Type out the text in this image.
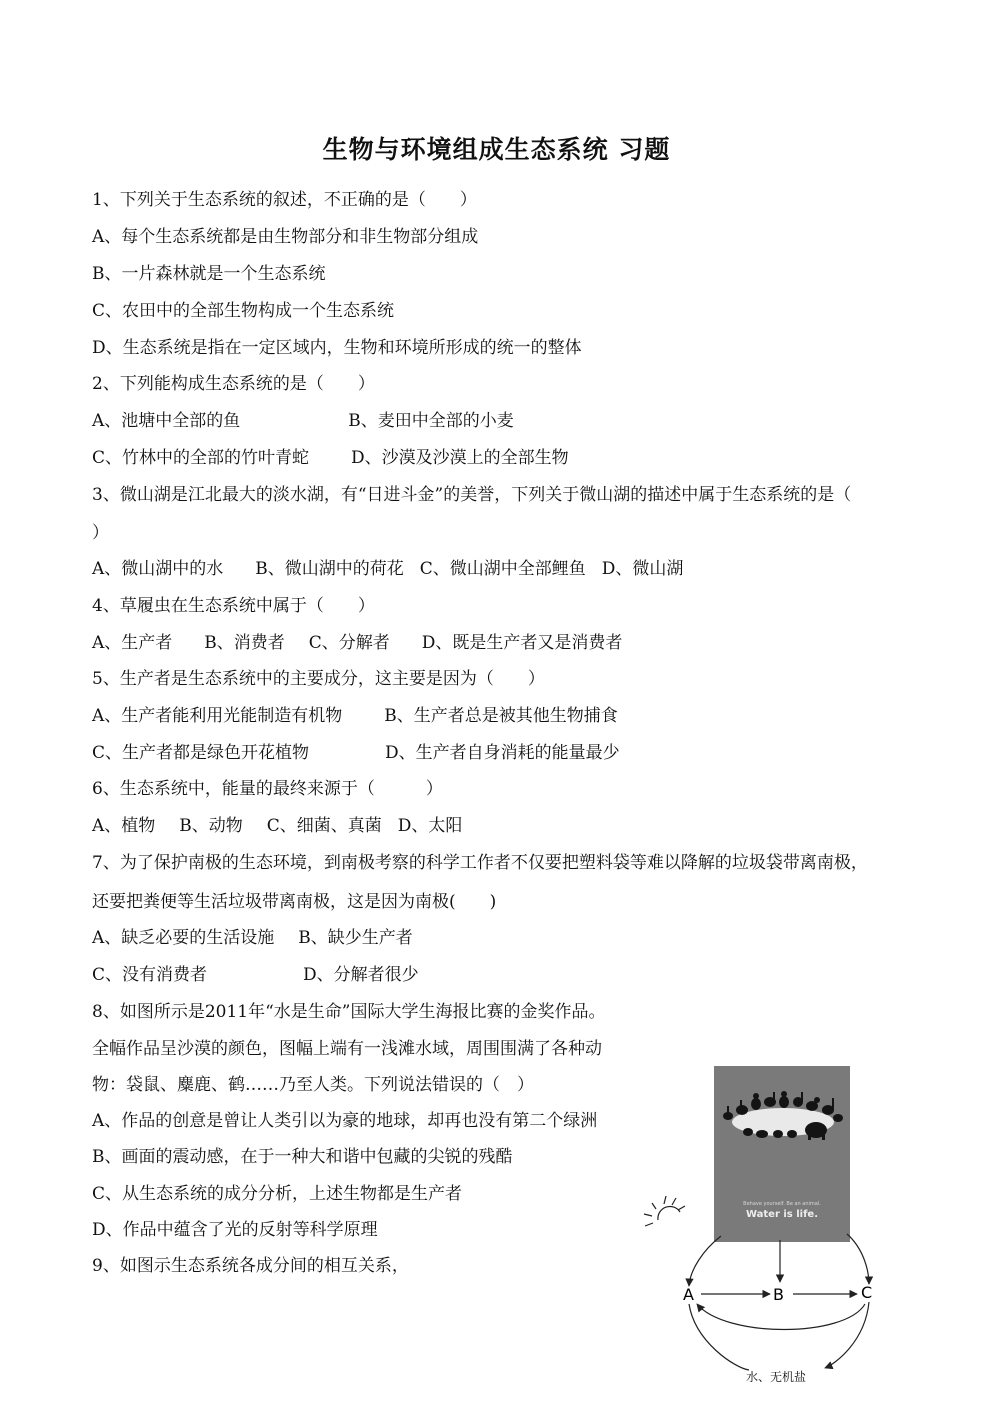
生物与环境组成生态系统 习题
1、下列关于生态系统的叙述，不正确的是（　　）
A、每个生态系统都是由生物部分和非生物部分组成
B、一片森林就是一个生态系统
C、农田中的全部生物构成一个生态系统
D、生态系统是指在一定区域内，生物和环境所形成的统一的整体
2、下列能构成生态系统的是（　　）
A、池塘中全部的鱼	B、麦田中全部的小麦
C、竹林中的全部的竹叶青蛇 D、沙漠及沙漠上的全部生物
3、微山湖是江北最大的淡水湖，有“日进斗金”的美誉，下列关于微山湖的描述中属于生态系统的是（
）
A、微山湖中的水 B、微山湖中的荷花 C、微山湖中全部鲤鱼 D、微山湖
4、草履虫在生态系统中属于（　　）
A、生产者 B、消费者 C、分解者 D、既是生产者又是消费者
5、生产者是生态系统中的主要成分，这主要是因为（　　）
A、生产者能利用光能制造有机物 B、生产者总是被其他生物捕食
C、生产者都是绿色开花植物	D、生产者自身消耗的能量最少
6、生态系统中，能量的最终来源于（　　　）
A、植物 B、动物 C、细菌、真菌 D、太阳
7、为了保护南极的生态环境，到南极考察的科学工作者不仅要把塑料袋等难以降解的垃圾袋带离南极，
还要把粪便等生活垃圾带离南极，这是因为南极(　　)
A、缺乏必要的生活设施 B、缺少生产者
C、没有消费者	D、分解者很少
8、如图所示是2011年“水是生命”国际大学生海报比赛的金奖作品。
全幅作品呈沙漠的颜色，图幅上端有一浅滩水域，周围围满了各种动
物：袋鼠、麋鹿、鹤……乃至人类。下列说法错误的（　）
A、作品的创意是曾让人类引以为豪的地球，却再也没有第二个绿洲
B、画面的震动感，在于一种大和谐中包藏的尖锐的残酷
C、从生态系统的成分分析，上述生物都是生产者
D、作品中蕴含了光的反射等科学原理
9、如图示生态系统各成分间的相互关系，
Behave yourself. Be an animal.
Water is life.
A	B	C
水、无机盐
